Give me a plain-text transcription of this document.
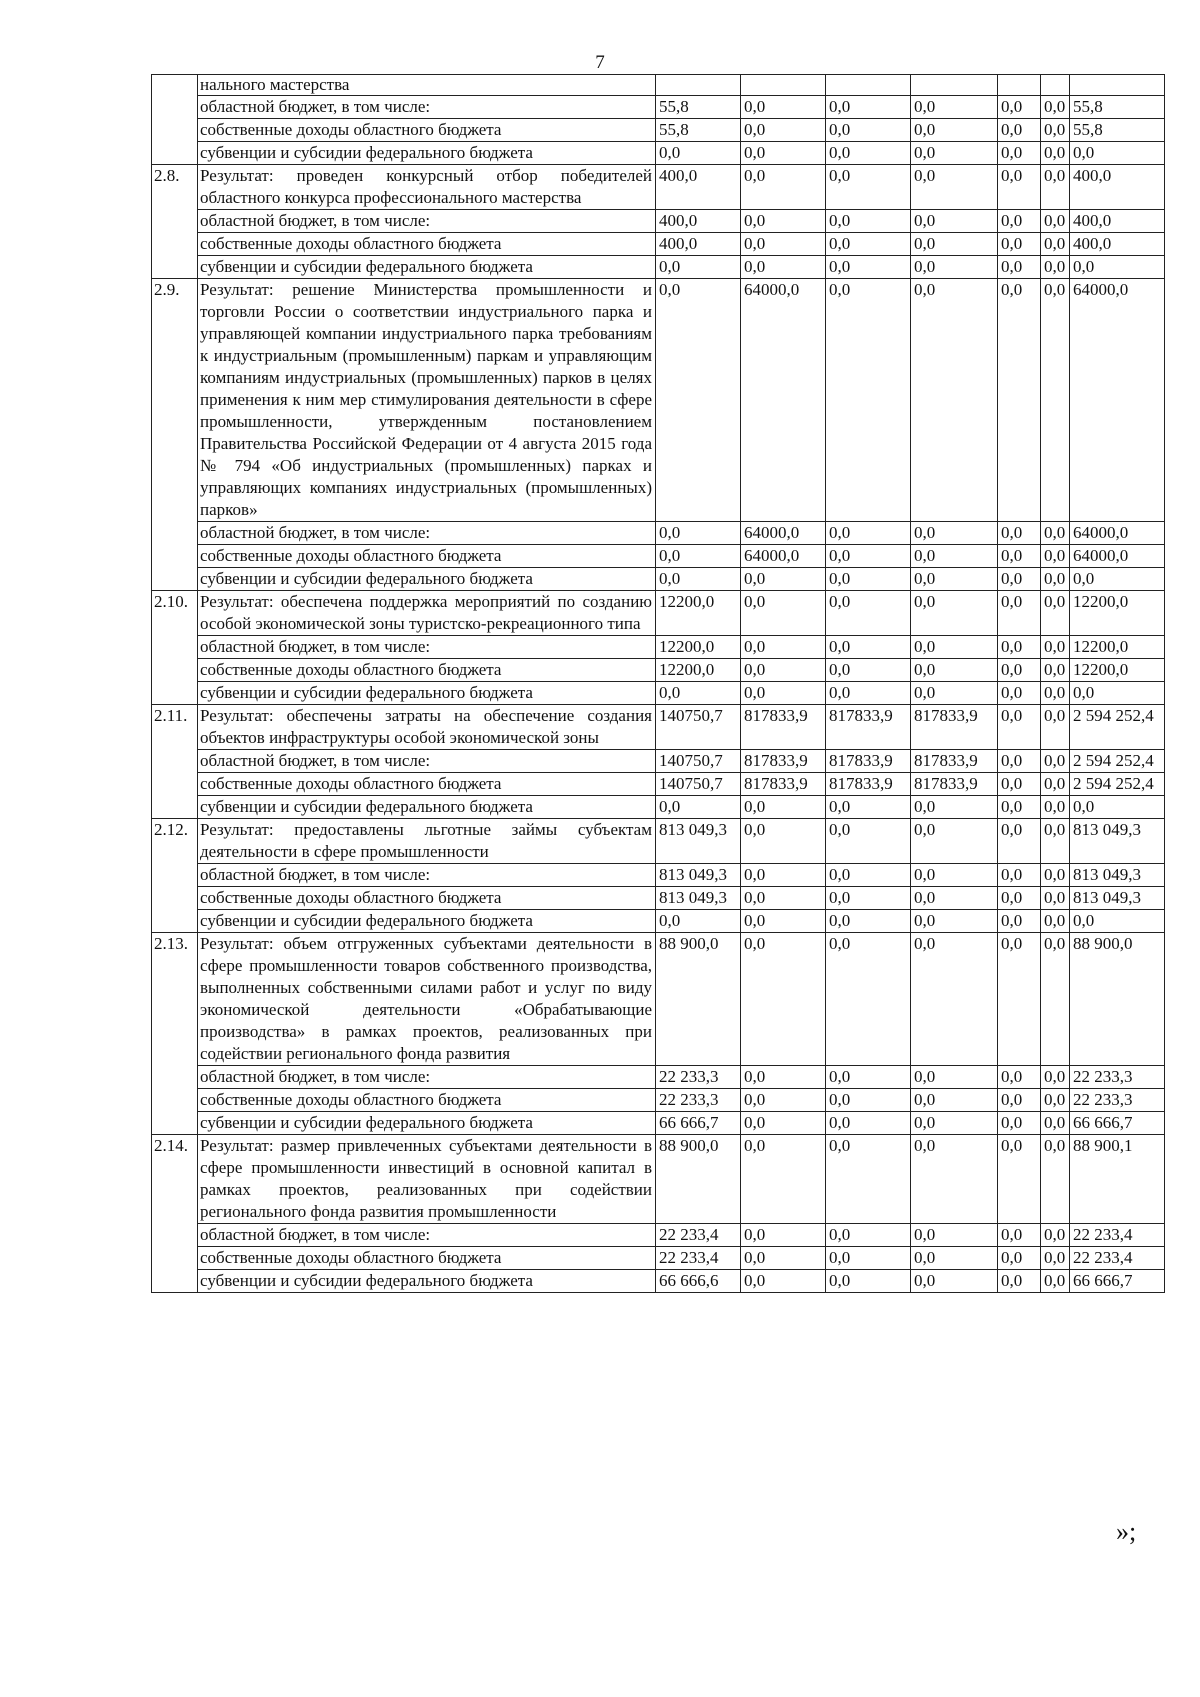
7
	нального мастерства							
	областной бюджет, в том числе:	55,8	0,0	0,0	0,0	0,0	0,0	55,8
	собственные доходы областного бюджета	55,8	0,0	0,0	0,0	0,0	0,0	55,8
	субвенции и субсидии федерального бюджета	0,0	0,0	0,0	0,0	0,0	0,0	0,0
2.8.	Результат: проведен конкурсный отбор победителей областного конкурса профессионального мастерства	400,0	0,0	0,0	0,0	0,0	0,0	400,0
	областной бюджет, в том числе:	400,0	0,0	0,0	0,0	0,0	0,0	400,0
	собственные доходы областного бюджета	400,0	0,0	0,0	0,0	0,0	0,0	400,0
	субвенции и субсидии федерального бюджета	0,0	0,0	0,0	0,0	0,0	0,0	0,0
2.9.	Результат: решение Министерства промышленности и торговли России о соответствии индустриального парка и управляющей компании индустриального парка требованиям к индустриальным (промышленным) паркам и управляющим компаниям индустриальных (промышленных) парков в целях применения к ним мер стимулирования деятельности в сфере промышленности, утвержденным постановлением Правительства Российской Федерации от 4 августа 2015 года № 794 «Об индустриальных (промышленных) парках и управляющих компаниях индустриальных (промышленных) парков»	0,0	64000,0	0,0	0,0	0,0	0,0	64000,0
	областной бюджет, в том числе:	0,0	64000,0	0,0	0,0	0,0	0,0	64000,0
	собственные доходы областного бюджета	0,0	64000,0	0,0	0,0	0,0	0,0	64000,0
	субвенции и субсидии федерального бюджета	0,0	0,0	0,0	0,0	0,0	0,0	0,0
2.10.	Результат: обеспечена поддержка мероприятий по созданию особой экономической зоны туристско-рекреационного типа	12200,0	0,0	0,0	0,0	0,0	0,0	12200,0
	областной бюджет, в том числе:	12200,0	0,0	0,0	0,0	0,0	0,0	12200,0
	собственные доходы областного бюджета	12200,0	0,0	0,0	0,0	0,0	0,0	12200,0
	субвенции и субсидии федерального бюджета	0,0	0,0	0,0	0,0	0,0	0,0	0,0
2.11.	Результат: обеспечены затраты на обеспечение создания объектов инфраструктуры особой экономической зоны	140750,7	817833,9	817833,9	817833,9	0,0	0,0	2 594 252,4
	областной бюджет, в том числе:	140750,7	817833,9	817833,9	817833,9	0,0	0,0	2 594 252,4
	собственные доходы областного бюджета	140750,7	817833,9	817833,9	817833,9	0,0	0,0	2 594 252,4
	субвенции и субсидии федерального бюджета	0,0	0,0	0,0	0,0	0,0	0,0	0,0
2.12.	Результат: предоставлены льготные займы субъектам деятельности в сфере промышленности	813 049,3	0,0	0,0	0,0	0,0	0,0	813 049,3
	областной бюджет, в том числе:	813 049,3	0,0	0,0	0,0	0,0	0,0	813 049,3
	собственные доходы областного бюджета	813 049,3	0,0	0,0	0,0	0,0	0,0	813 049,3
	субвенции и субсидии федерального бюджета	0,0	0,0	0,0	0,0	0,0	0,0	0,0
2.13.	Результат: объем отгруженных субъектами деятельности в сфере промышленности товаров собственного производства, выполненных собственными силами работ и услуг по виду экономической деятельности «Обрабатывающие производства» в рамках проектов, реализованных при содействии регионального фонда развития	88 900,0	0,0	0,0	0,0	0,0	0,0	88 900,0
	областной бюджет, в том числе:	22 233,3	0,0	0,0	0,0	0,0	0,0	22 233,3
	собственные доходы областного бюджета	22 233,3	0,0	0,0	0,0	0,0	0,0	22 233,3
	субвенции и субсидии федерального бюджета	66 666,7	0,0	0,0	0,0	0,0	0,0	66 666,7
2.14.	Результат: размер привлеченных субъектами деятельности в сфере промышленности инвестиций в основной капитал в рамках проектов, реализованных при содействии регионального фонда развития промышленности	88 900,0	0,0	0,0	0,0	0,0	0,0	88 900,1
	областной бюджет, в том числе:	22 233,4	0,0	0,0	0,0	0,0	0,0	22 233,4
	собственные доходы областного бюджета	22 233,4	0,0	0,0	0,0	0,0	0,0	22 233,4
	субвенции и субсидии федерального бюджета	66 666,6	0,0	0,0	0,0	0,0	0,0	66 666,7
»;
